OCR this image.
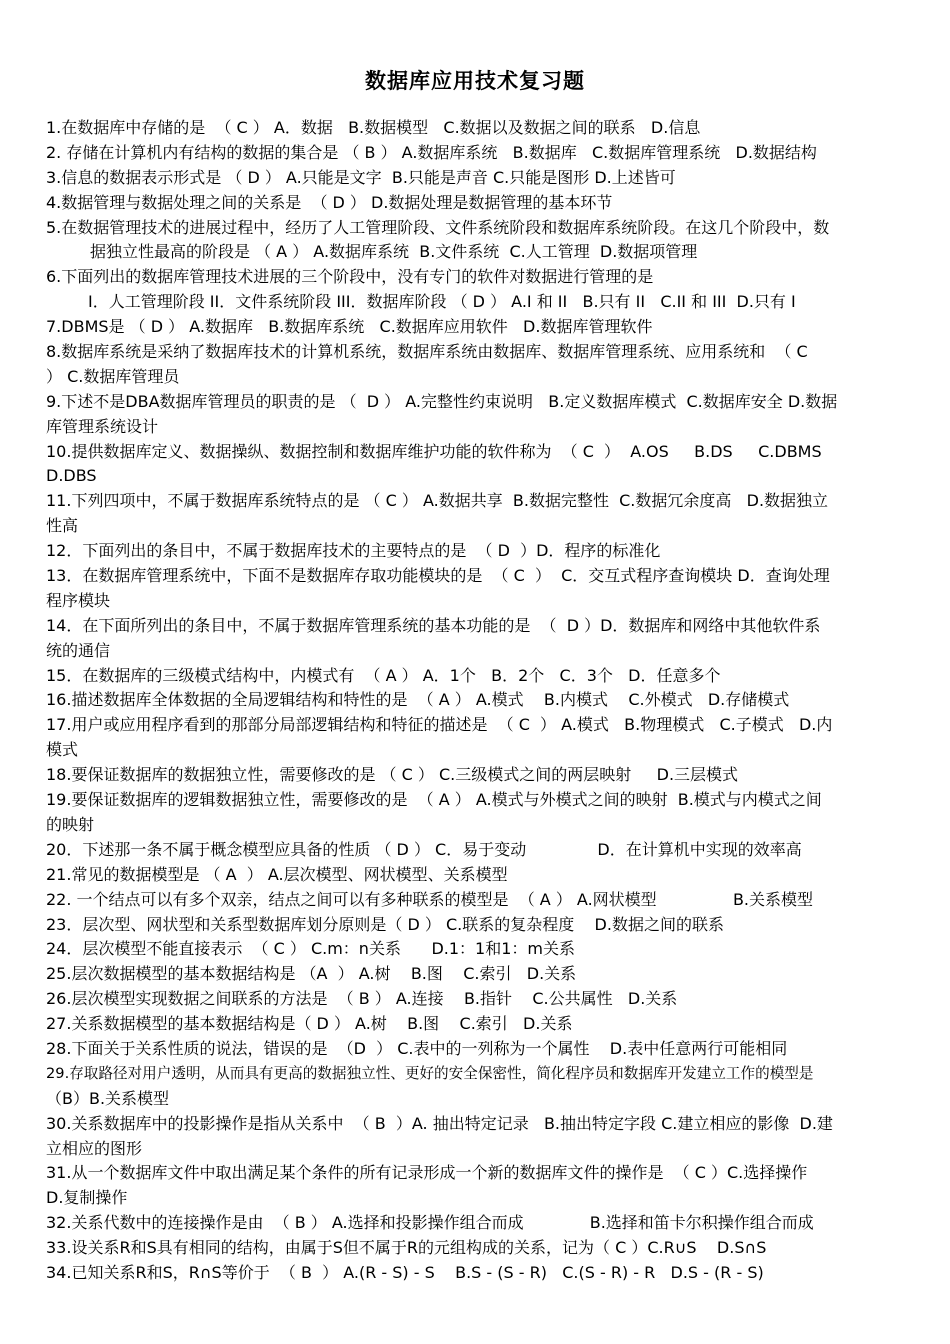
数据库应用技术复习题
1.在数据库中存储的是  （ C ） A．数据   B.数据模型   C.数据以及数据之间的联系   D.信息
2. 存储在计算机内有结构的数据的集合是 （ B ） A.数据库系统   B.数据库   C.数据库管理系统   D.数据结构
3.信息的数据表示形式是 （ D ） A.只能是文字  B.只能是声音 C.只能是图形 D.上述皆可
4.数据管理与数据处理之间的关系是  （ D ） D.数据处理是数据管理的基本环节
5.在数据管理技术的进展过程中，经历了人工管理阶段、文件系统阶段和数据库系统阶段。在这几个阶段中，数
据独立性最高的阶段是 （ A ） A.数据库系统  B.文件系统  C.人工管理  D.数据项管理
6.下面列出的数据库管理技术进展的三个阶段中，没有专门的软件对数据进行管理的是
I．人工管理阶段 II．文件系统阶段 III．数据库阶段 （ D ） A.I 和 II   B.只有 II   C.II 和 III  D.只有 I
7.DBMS是 （ D ） A.数据库   B.数据库系统   C.数据库应用软件   D.数据库管理软件
8.数据库系统是采纳了数据库技术的计算机系统，数据库系统由数据库、数据库管理系统、应用系统和  （ C
） C.数据库管理员
9.下述不是DBA数据库管理员的职责的是 （  D ） A.完整性约束说明   B.定义数据库模式  C.数据库安全 D.数据
库管理系统设计
10.提供数据库定义、数据操纵、数据控制和数据库维护功能的软件称为  （ C  ）  A.OS     B.DS     C.DBMS
D.DBS
11.下列四项中，不属于数据库系统特点的是 （ C ） A.数据共享  B.数据完整性  C.数据冗余度高   D.数据独立
性高
12．下面列出的条目中，不属于数据库技术的主要特点的是  （ D  ）D．程序的标准化
13．在数据库管理系统中，下面不是数据库存取功能模块的是  （ C  ）  C．交互式程序查询模块 D．查询处理
程序模块
14．在下面所列出的条目中，不属于数据库管理系统的基本功能的是  （  D ）D．数据库和网络中其他软件系
统的通信
15．在数据库的三级模式结构中，内模式有  （ A ） A．1个   B．2个   C．3个   D．任意多个
16.描述数据库全体数据的全局逻辑结构和特性的是  （ A ） A.模式    B.内模式    C.外模式   D.存储模式
17.用户或应用程序看到的那部分局部逻辑结构和特征的描述是  （ C  ） A.模式   B.物理模式   C.子模式   D.内
模式
18.要保证数据库的数据独立性，需要修改的是 （ C ） C.三级模式之间的两层映射     D.三层模式
19.要保证数据库的逻辑数据独立性，需要修改的是  （ A ） A.模式与外模式之间的映射  B.模式与内模式之间
的映射
20．下述那一条不属于概念模型应具备的性质 （ D ） C．易于变动              D．在计算机中实现的效率高
21.常见的数据模型是 （ A  ） A.层次模型、网状模型、关系模型
22. 一个结点可以有多个双亲，结点之间可以有多种联系的模型是  （ A ） A.网状模型               B.关系模型
23．层次型、网状型和关系型数据库划分原则是（ D ） C.联系的复杂程度    D.数据之间的联系
24．层次模型不能直接表示  （ C ） C.m：n关系      D.1：1和1：m关系
25.层次数据模型的基本数据结构是 （A  ） A.树    B.图    C.索引   D.关系
26.层次模型实现数据之间联系的方法是  （ B ） A.连接    B.指针    C.公共属性   D.关系
27.关系数据模型的基本数据结构是（ D ） A.树    B.图    C.索引   D.关系
28.下面关于关系性质的说法，错误的是  （D  ） C.表中的一列称为一个属性    D.表中任意两行可能相同
29.存取路径对用户透明，从而具有更高的数据独立性、更好的安全保密性，简化程序员和数据库开发建立工作的模型是
（B）B.关系模型
30.关系数据库中的投影操作是指从关系中  （ B  ）A. 抽出特定记录   B.抽出特定字段 C.建立相应的影像  D.建
立相应的图形
31.从一个数据库文件中取出满足某个条件的所有记录形成一个新的数据库文件的操作是  （ C ）C.选择操作
D.复制操作
32.关系代数中的连接操作是由  （ B ） A.选择和投影操作组合而成             B.选择和笛卡尔积操作组合而成
33.设关系R和S具有相同的结构，由属于S但不属于R的元组构成的关系，记为（ C ）C.R∪S    D.S∩S
34.已知关系R和S，R∩S等价于  （ B  ） A.(R - S) - S    B.S - (S - R)   C.(S - R) - R   D.S - (R - S)
